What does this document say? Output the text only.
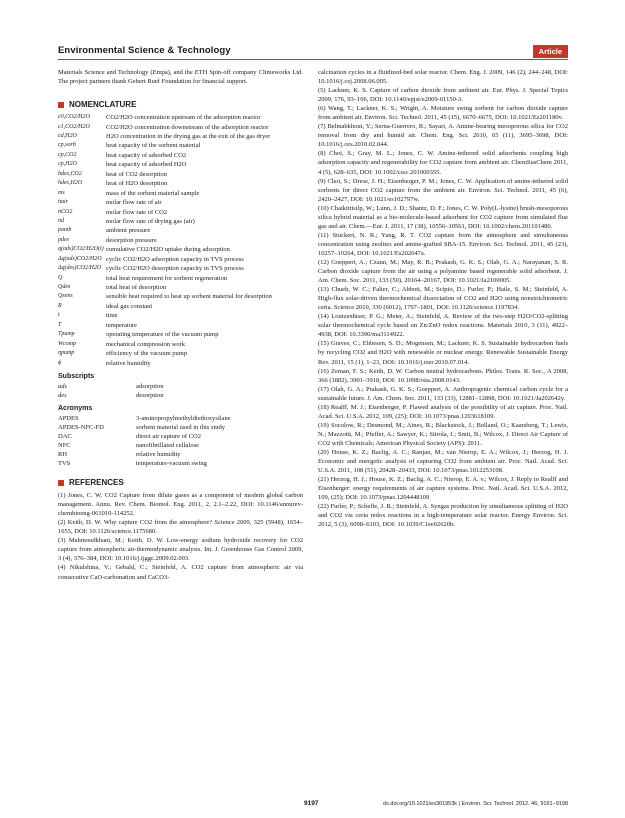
Environmental Science & Technology	Article

Materials Science and Technology (Empa), and the ETH Spin-off company Climeworks Ltd. The project partners thank Gebert Ruef Foundation for financial support.

NOMENCLATURE
c0,CO2/H2O	CO2/H2O concentration upstream of the adsorption reactor
c1,CO2/H2O	CO2/H2O concentration downstream of the adsorption reactor
cd,H2O	H2O concentration in the drying gas at the exit of the gas dryer
cp,sorb	heat capacity of the sorbent material
cp,CO2	heat capacity of adsorbed CO2
cp,H2O	heat capacity of adsorbed H2O
hdes,CO2	heat of CO2 desorption
hdes,H2O	heat of H2O desorption
ms	mass of the sorbent material sample
ṅair	molar flow rate of air
ṅCO2	molar flow rate of CO2
ṅd	molar flow rate of drying gas (air)
pamb	ambient pressure
pdes	desorption pressure
q(ads)CO2/H2O(t) cumulative CO2/H2O uptake during adsorption
Δq(ads)CO2/H2O cyclic CO2/H2O adsorption capacity in TVS process
Δq(des)CO2/H2O cyclic CO2/H2O desorption capacity in TVS process
Q	total heat requirement for sorbent regeneration
Qdes	total heat of desorption
Qsens	sensible heat required to heat up sorbent material for desorption
R	ideal gas constant
t	time
T	temperature
Tpump	operating temperature of the vacuum pump
Wcomp	mechanical compression work
ηpump	efficiency of the vacuum pump
ϕ	relative humidity
Subscripts
ads	adsorption
des	desorption
Acronyms
APDES	3-aminopropylmethyldiethoxysilane
APDES-NFC-FD	sorbent material used in this study
DAC	direct air capture of CO2
NFC	nanofibrillated cellulose
RH	relative humidity
TVS	temperature-vacuum swing
REFERENCES

(1) Jones, C. W. CO2 Capture from dilute gases as a component of modern global carbon management. Annu. Rev. Chem. Biomol. Eng. 2011, 2, 2.1–2.22, DOI: 10.1146/annurev-chembioeng-061010-114252.

(2) Keith, D. W. Why capture CO2 from the atmosphere? Science 2009, 325 (5948), 1654–1655, DOI: 10.1126/science.1175680.

(3) Mahmoudkhani, M.; Keith, D. W. Low-energy sodium hydroxide recovery for CO2 capture from atmospheric air-thermodynamic analysis. Int. J. Greenhouse Gas Control 2009, 3 (4), 376–384, DOI: 10.1016/j.ijggc.2009.02.003.

(4) Nikulshina, V.; Gebald, C.; Steinfeld, A. CO2 capture from atmospheric air via consecutive CaO-carbonation and CaCO3-

calcination cycles in a fluidized-bed solar reactor. Chem. Eng. J. 2009, 146 (2), 244–248, DOI: 10.1016/j.cej.2008.06.005.

(5) Lackner, K. S. Capture of carbon dioxide from ambient air. Eur. Phys. J. Special Topics 2009, 176, 93–106, DOI: 10.1140/epjst/e2009-01150-3.

(6) Wang, T.; Lackner, K. S.; Wright, A. Moisture swing sorbent for carbon dioxide capture from ambient air. Environ. Sci. Technol. 2011, 45 (15), 6670–6675, DOI: 10.1021/Es201180v.

(7) Belmabkhout, Y.; Serna-Guerrero, R.; Sayari, A. Amine-bearing mesoporous silica for CO2 removal from dry and humid air. Chem. Eng. Sci. 2010, 65 (11), 3695–3698, DOI: 10.1016/j.ces.2010.02.044.

(8) Choi, S.; Gray, M. L.; Jones, C. W. Amine-tethered solid adsorbents coupling high adsorption capacity and regenerability for CO2 capture from ambient air. ChemSusChem 2011, 4 (5), 628–635, DOI: 10.1002/cssc.201000355.

(9) Choi, S.; Drese, J. H.; Eisenberger, P. M.; Jones, C. W. Application of amine-tethered solid sorbents for direct CO2 capture from the ambient air. Environ. Sci. Technol. 2011, 45 (6), 2420–2427, DOI: 10.1021/es102797w.

(10) Chaikittisilp, W.; Lunn, J. D.; Shantz, D. F.; Jones, C. W. Poly(L-lysine) brush-mesoporous silica hybrid material as a bio-molecule-based adsorbent for CO2 capture from simulated flue gas and air. Chem.—Eur. J. 2011, 17 (38), 10556–10561, DOI: 10.1002/chem.201101480.

(11) Stuckert, N. R.; Yang, R. T. CO2 capture from the atmosphere and simultaneous concentration using zeolites and amine-grafted SBA-15. Environ. Sci. Technol. 2011, 45 (23), 10257–10264, DOI: 10.1021/Es202647a.

(12) Goeppert, A.; Czaun, M.; May, R. B.; Prakash, G. K. S.; Olah, G. A.; Narayanan, S. R. Carbon dioxide capture from the air using a polyamine based regenerable solid adsorbent. J. Am. Chem. Soc. 2011, 133 (50), 20164–20167, DOI: 10.1021/Ja2100005.

(13) Chueh, W. C.; Falter, C.; Abbott, M.; Scipio, D.; Furler, P.; Haile, S. M.; Steinfeld, A. High-flux solar-driven thermochemical dissociation of CO2 and H2O using nonstoichiometric ceria. Science 2010, 330 (6012), 1797–1801, DOI: 10.1126/science.1197834.

(14) Loutzenhiser, P. G.; Meier, A.; Steinfeld, A. Review of the two-step H2O/CO2-splitting solar thermochemical cycle based on Zn/ZnO redox reactions. Materials 2010, 3 (11), 4922–4938, DOI: 10.3390/ma3114922.

(15) Graves, C.; Ebbesen, S. D.; Mogensen, M.; Lackner, K. S. Sustainable hydrocarbon fuels by recycling CO2 and H2O with renewable or nuclear energy. Renewable Sustainable Energy Rev. 2011, 15 (1), 1–23, DOI: 10.1016/j.rser.2010.07.014.

(16) Zeman, F. S.; Keith, D. W. Carbon neutral hydrocarbons. Philos. Trans. R. Soc., A 2008, 366 (1882), 3901–3918, DOI: 10.1098/rsta.2008.0143.

(17) Olah, G. A.; Prakash, G. K. S.; Goeppert, A. Anthropogenic chemical carbon cycle for a sustainable future. J. Am. Chem. Soc. 2011, 133 (33), 12881–12898, DOI: 10.1021/Ja202642y.

(18) Realff, M. J.; Eisenberger, P. Flawed analysis of the possibility of air capture. Proc. Natl. Acad. Sci. U.S.A. 2012, 109, (25); DOI: 10.1073/pnas.1203618109.

(19) Socolow, R.; Desmond, M.; Aines, R.; Blackstock, J.; Bolland, O.; Kaarsberg, T.; Lewis, N.; Mazzotti, M.; Pfeffer, A.; Sawyer, K.; Siirola, J.; Smit, B.; Wilcox, J. Direct Air Capture of CO2 with Chemicals; American Physical Society (APS): 2011.

(20) House, K. Z.; Baclig, A. C.; Ranjan, M.; van Nierop, E. A.; Wilcox, J.; Herzog, H. J. Economic and energetic analysis of capturing CO2 from ambient air. Proc. Natl. Acad. Sci. U.S.A. 2011, 108 (51), 20428–20433, DOI: 10.1073/pnas.1012253108.

(21) Herzog, H. J.; House, K. Z.; Baclig, A. C.; Nierop, E. A. v.; Wilcox, J. Reply to Realff and Eisenberger: energy requirements of air capture systems. Proc. Natl. Acad. Sci. U.S.A. 2012, 109, (25); DOI: 10.1073/pnas.1204448109

(22) Furler, P.; Scheffe, J. R.; Steinfeld, A. Syngas production by simultaneous splitting of H2O and CO2 via ceria redox reactions in a high-temperature solar reactor. Energy Environ. Sci. 2012, 5 (3), 6098–6103, DOI: 10.1039/C1ee02620h.

9197	dx.doi.org/10.1021/es301953k | Environ. Sci. Technol. 2012, 46, 9191−9198
